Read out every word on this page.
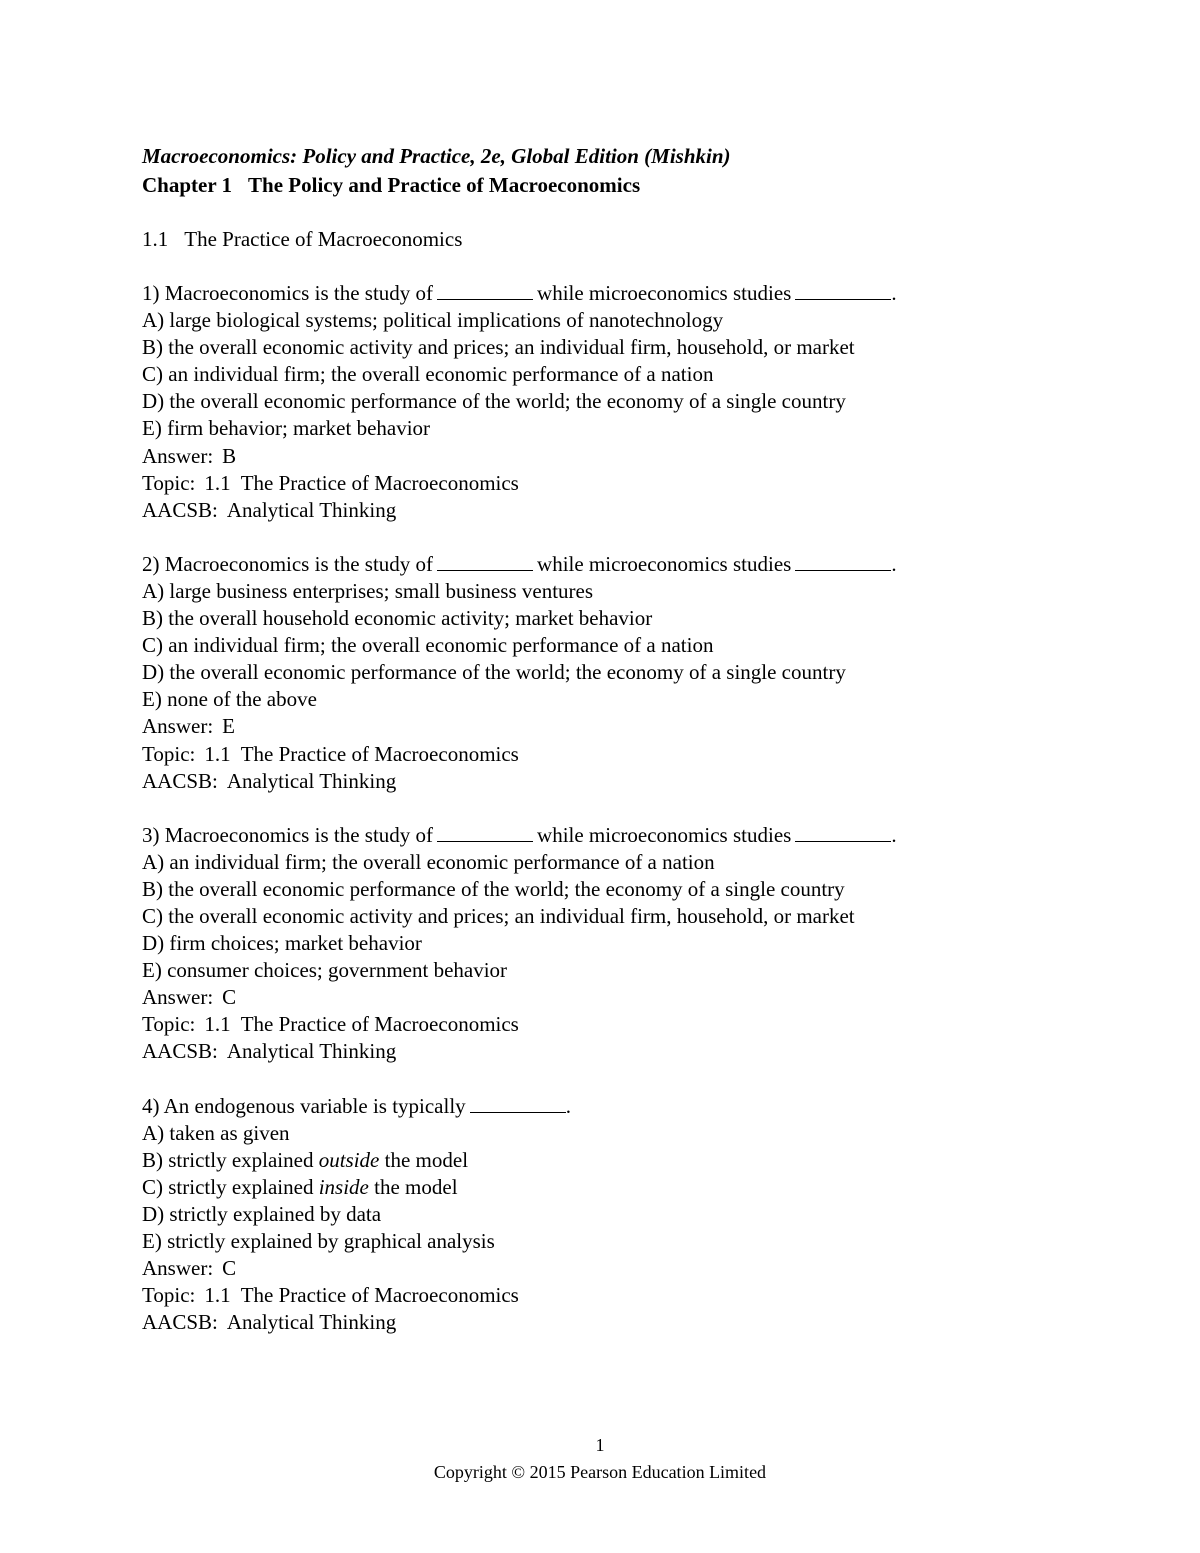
Macroeconomics: Policy and Practice, 2e, Global Edition (Mishkin)
Chapter 1 The Policy and Practice of Macroeconomics
1.1 The Practice of Macroeconomics
1) Macroeconomics is the study of	while microeconomics studies	.
A) large biological systems; political implications of nanotechnology
B) the overall economic activity and prices; an individual firm, household, or market
C) an individual firm; the overall economic performance of a nation
D) the overall economic performance of the world; the economy of a single country
E) firm behavior; market behavior
Answer: B
Topic: 1.1  The Practice of Macroeconomics
AACSB: Analytical Thinking
2) Macroeconomics is the study of	while microeconomics studies	.
A) large business enterprises; small business ventures
B) the overall household economic activity; market behavior
C) an individual firm; the overall economic performance of a nation
D) the overall economic performance of the world; the economy of a single country
E) none of the above
Answer: E
Topic: 1.1  The Practice of Macroeconomics
AACSB: Analytical Thinking
3) Macroeconomics is the study of	while microeconomics studies	.
A) an individual firm; the overall economic performance of a nation
B) the overall economic performance of the world; the economy of a single country
C) the overall economic activity and prices; an individual firm, household, or market
D) firm choices; market behavior
E) consumer choices; government behavior
Answer: C
Topic: 1.1  The Practice of Macroeconomics
AACSB: Analytical Thinking
4) An endogenous variable is typically	.
A) taken as given
B) strictly explained outside the model
C) strictly explained inside the model
D) strictly explained by data
E) strictly explained by graphical analysis
Answer: C
Topic: 1.1  The Practice of Macroeconomics
AACSB: Analytical Thinking
1
Copyright © 2015 Pearson Education Limited
